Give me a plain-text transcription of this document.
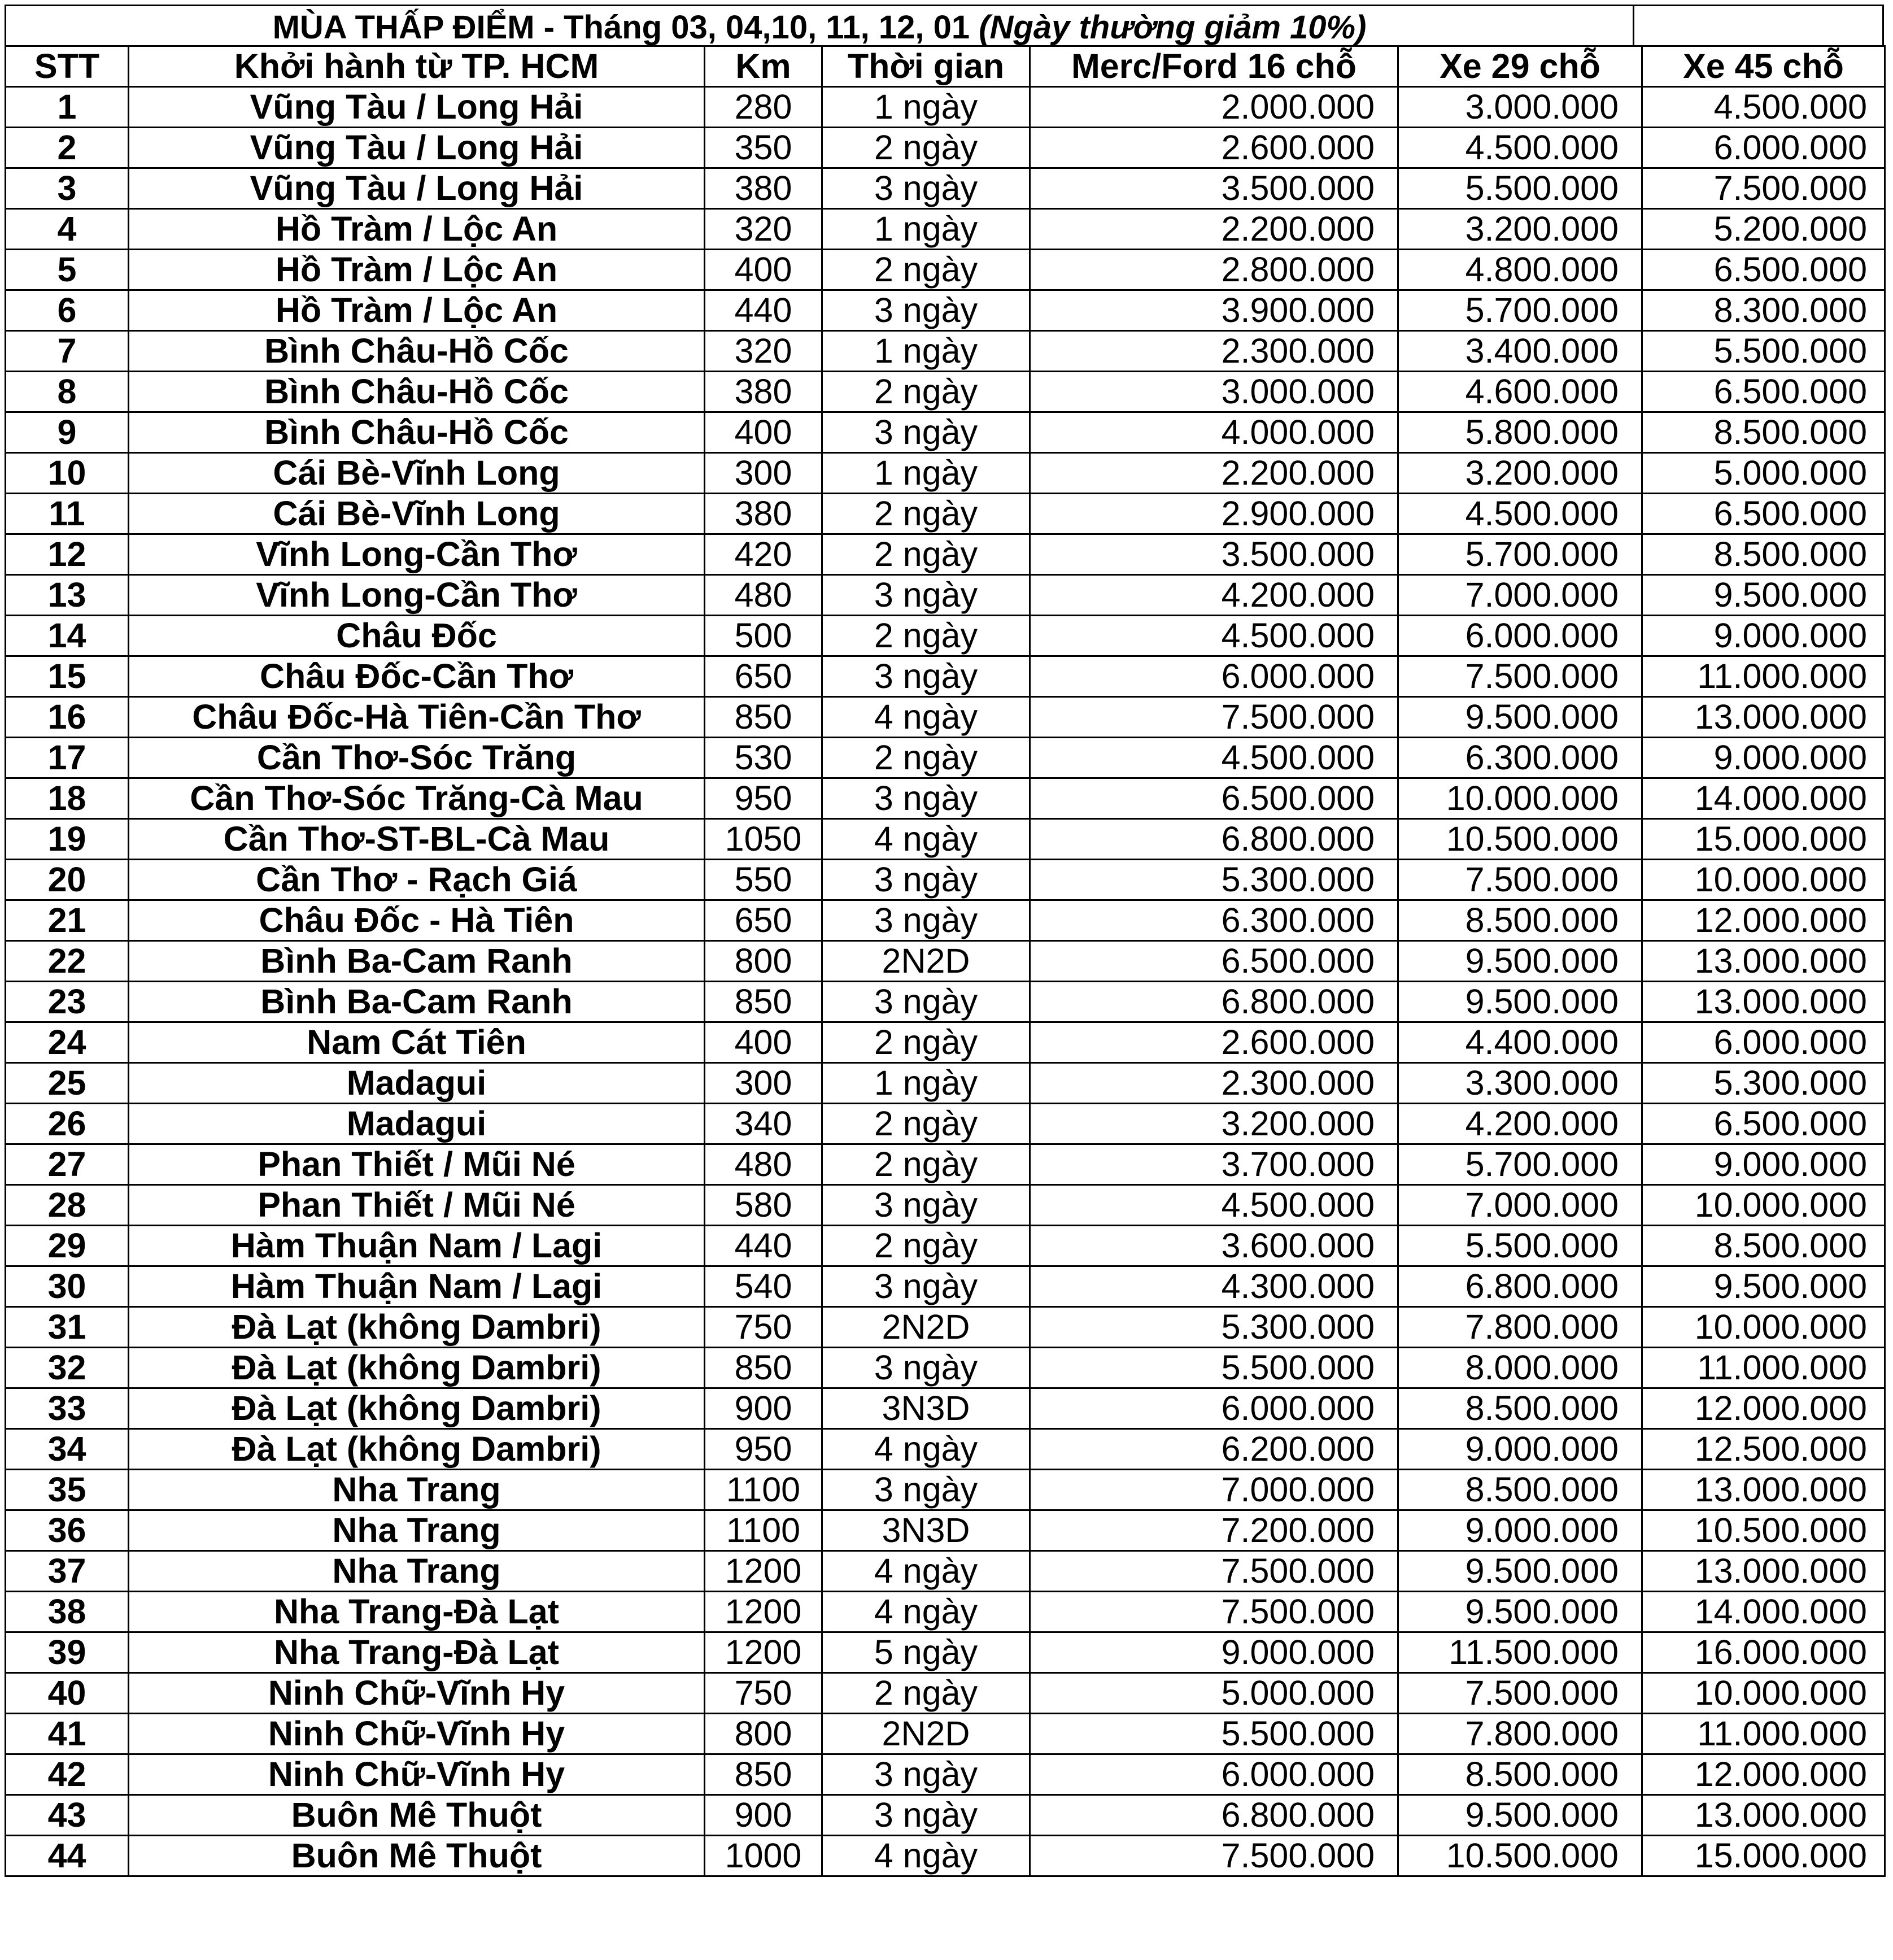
MÙA THẤP ĐIỂM - Tháng 03, 04,10, 11, 12, 01 (Ngày thường giảm 10%)
STT	Khởi hành từ TP. HCM	Km	Thời gian	Merc/Ford 16 chỗ	Xe 29 chỗ	Xe 45 chỗ
1	Vũng Tàu / Long Hải	280	1 ngày	2.000.000	3.000.000	4.500.000
2	Vũng Tàu / Long Hải	350	2 ngày	2.600.000	4.500.000	6.000.000
3	Vũng Tàu / Long Hải	380	3 ngày	3.500.000	5.500.000	7.500.000
4	Hồ Tràm / Lộc An	320	1 ngày	2.200.000	3.200.000	5.200.000
5	Hồ Tràm / Lộc An	400	2 ngày	2.800.000	4.800.000	6.500.000
6	Hồ Tràm / Lộc An	440	3 ngày	3.900.000	5.700.000	8.300.000
7	Bình Châu-Hồ Cốc	320	1 ngày	2.300.000	3.400.000	5.500.000
8	Bình Châu-Hồ Cốc	380	2 ngày	3.000.000	4.600.000	6.500.000
9	Bình Châu-Hồ Cốc	400	3 ngày	4.000.000	5.800.000	8.500.000
10	Cái Bè-Vĩnh Long	300	1 ngày	2.200.000	3.200.000	5.000.000
11	Cái Bè-Vĩnh Long	380	2 ngày	2.900.000	4.500.000	6.500.000
12	Vĩnh Long-Cần Thơ	420	2 ngày	3.500.000	5.700.000	8.500.000
13	Vĩnh Long-Cần Thơ	480	3 ngày	4.200.000	7.000.000	9.500.000
14	Châu Đốc	500	2 ngày	4.500.000	6.000.000	9.000.000
15	Châu Đốc-Cần Thơ	650	3 ngày	6.000.000	7.500.000	11.000.000
16	Châu Đốc-Hà Tiên-Cần Thơ	850	4 ngày	7.500.000	9.500.000	13.000.000
17	Cần Thơ-Sóc Trăng	530	2 ngày	4.500.000	6.300.000	9.000.000
18	Cần Thơ-Sóc Trăng-Cà Mau	950	3 ngày	6.500.000	10.000.000	14.000.000
19	Cần Thơ-ST-BL-Cà Mau	1050	4 ngày	6.800.000	10.500.000	15.000.000
20	Cần Thơ - Rạch Giá	550	3 ngày	5.300.000	7.500.000	10.000.000
21	Châu Đốc - Hà Tiên	650	3 ngày	6.300.000	8.500.000	12.000.000
22	Bình Ba-Cam Ranh	800	2N2D	6.500.000	9.500.000	13.000.000
23	Bình Ba-Cam Ranh	850	3 ngày	6.800.000	9.500.000	13.000.000
24	Nam Cát Tiên	400	2 ngày	2.600.000	4.400.000	6.000.000
25	Madagui	300	1 ngày	2.300.000	3.300.000	5.300.000
26	Madagui	340	2 ngày	3.200.000	4.200.000	6.500.000
27	Phan Thiết / Mũi Né	480	2 ngày	3.700.000	5.700.000	9.000.000
28	Phan Thiết / Mũi Né	580	3 ngày	4.500.000	7.000.000	10.000.000
29	Hàm Thuận Nam / Lagi	440	2 ngày	3.600.000	5.500.000	8.500.000
30	Hàm Thuận Nam / Lagi	540	3 ngày	4.300.000	6.800.000	9.500.000
31	Đà Lạt (không Dambri)	750	2N2D	5.300.000	7.800.000	10.000.000
32	Đà Lạt (không Dambri)	850	3 ngày	5.500.000	8.000.000	11.000.000
33	Đà Lạt (không Dambri)	900	3N3D	6.000.000	8.500.000	12.000.000
34	Đà Lạt (không Dambri)	950	4 ngày	6.200.000	9.000.000	12.500.000
35	Nha Trang	1100	3 ngày	7.000.000	8.500.000	13.000.000
36	Nha Trang	1100	3N3D	7.200.000	9.000.000	10.500.000
37	Nha Trang	1200	4 ngày	7.500.000	9.500.000	13.000.000
38	Nha Trang-Đà Lạt	1200	4 ngày	7.500.000	9.500.000	14.000.000
39	Nha Trang-Đà Lạt	1200	5 ngày	9.000.000	11.500.000	16.000.000
40	Ninh Chữ-Vĩnh Hy	750	2 ngày	5.000.000	7.500.000	10.000.000
41	Ninh Chữ-Vĩnh Hy	800	2N2D	5.500.000	7.800.000	11.000.000
42	Ninh Chữ-Vĩnh Hy	850	3 ngày	6.000.000	8.500.000	12.000.000
43	Buôn Mê Thuột	900	3 ngày	6.800.000	9.500.000	13.000.000
44	Buôn Mê Thuột	1000	4 ngày	7.500.000	10.500.000	15.000.000
